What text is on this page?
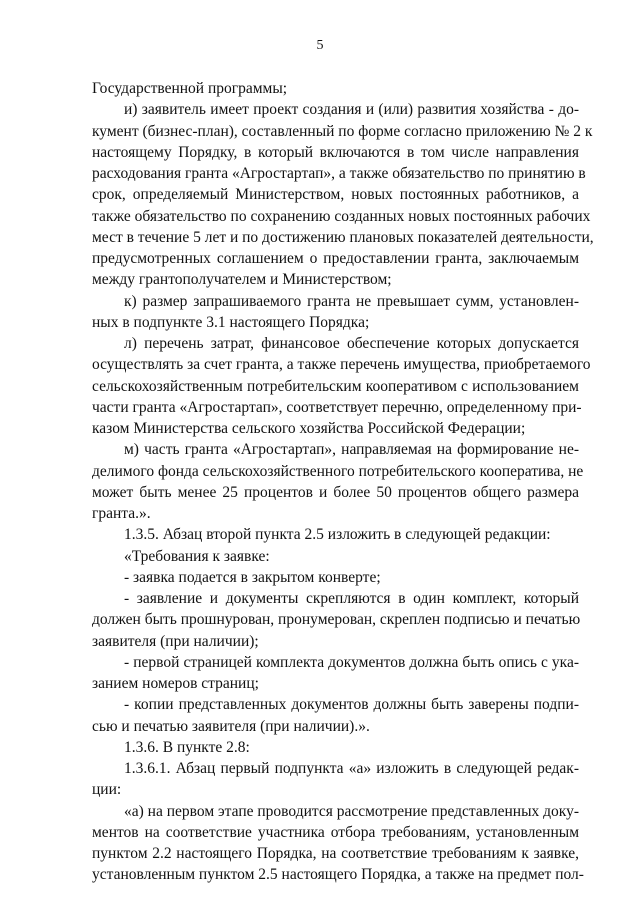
5
Государственной программы;
и) заявитель имеет проект создания и (или) развития хозяйства - до-
кумент (бизнес-план), составленный по форме согласно приложению № 2 к
настоящему Порядку, в который включаются в том числе направления
расходования гранта «Агростартап», а также обязательство по принятию в
срок, определяемый Министерством, новых постоянных работников, а
также обязательство по сохранению созданных новых постоянных рабочих
мест в течение 5 лет и по достижению плановых показателей деятельности,
предусмотренных соглашением о предоставлении гранта, заключаемым
между грантополучателем и Министерством;
к) размер запрашиваемого гранта не превышает сумм, установлен-
ных в подпункте 3.1 настоящего Порядка;
л) перечень затрат, финансовое обеспечение которых допускается
осуществлять за счет гранта, а также перечень имущества, приобретаемого
сельскохозяйственным потребительским кооперативом с использованием
части гранта «Агростартап», соответствует перечню, определенному при-
казом Министерства сельского хозяйства Российской Федерации;
м) часть гранта «Агростартап», направляемая на формирование не-
делимого фонда сельскохозяйственного потребительского кооператива, не
может быть менее 25 процентов и более 50 процентов общего размера
гранта.».
1.3.5. Абзац второй пункта 2.5 изложить в следующей редакции:
«Требования к заявке:
- заявка подается в закрытом конверте;
- заявление и документы скрепляются в один комплект, который
должен быть прошнурован, пронумерован, скреплен подписью и печатью
заявителя (при наличии);
- первой страницей комплекта документов должна быть опись с ука-
занием номеров страниц;
- копии представленных документов должны быть заверены подпи-
сью и печатью заявителя (при наличии).».
1.3.6. В пункте 2.8:
1.3.6.1. Абзац первый подпункта «а» изложить в следующей редак-
ции:
«а) на первом этапе проводится рассмотрение представленных доку-
ментов на соответствие участника отбора требованиям, установленным
пунктом 2.2 настоящего Порядка, на соответствие требованиям к заявке,
установленным пунктом 2.5 настоящего Порядка, а также на предмет пол-
